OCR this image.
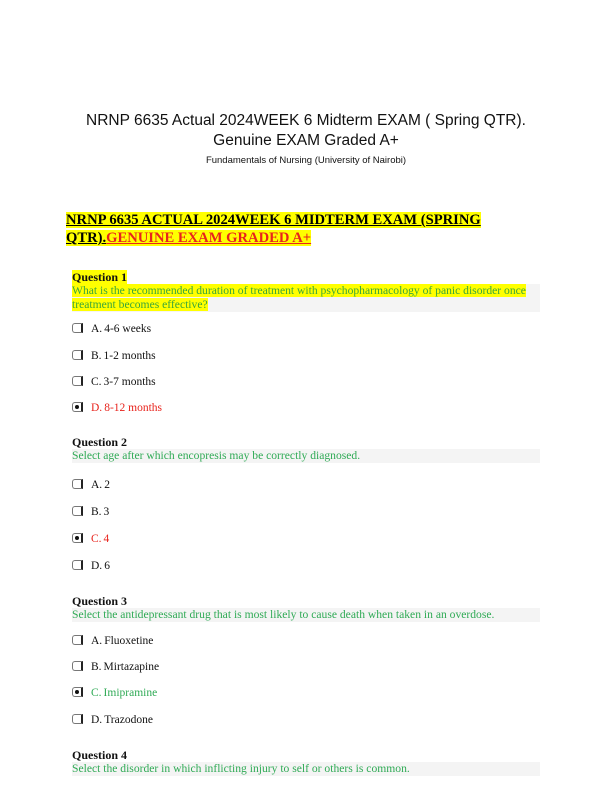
NRNP 6635 Actual 2024WEEK 6 Midterm EXAM ( Spring QTR).
Genuine EXAM Graded A+
Fundamentals of Nursing (University of Nairobi)
NRNP 6635 ACTUAL 2024WEEK 6 MIDTERM EXAM (SPRING
QTR).GENUINE EXAM GRADED A+
Question 1
What is the recommended duration of treatment with psychopharmacology of panic disorder once treatment becomes effective?
A. 4-6 weeks
B. 1-2 months
C. 3-7 months
D. 8-12 months
Question 2
Select age after which encopresis may be correctly diagnosed.
A. 2
B. 3
C. 4
D. 6
Question 3
Select the antidepressant drug that is most likely to cause death when taken in an overdose.
A. Fluoxetine
B. Mirtazapine
C. Imipramine
D. Trazodone
Question 4
Select the disorder in which inflicting injury to self or others is common.
